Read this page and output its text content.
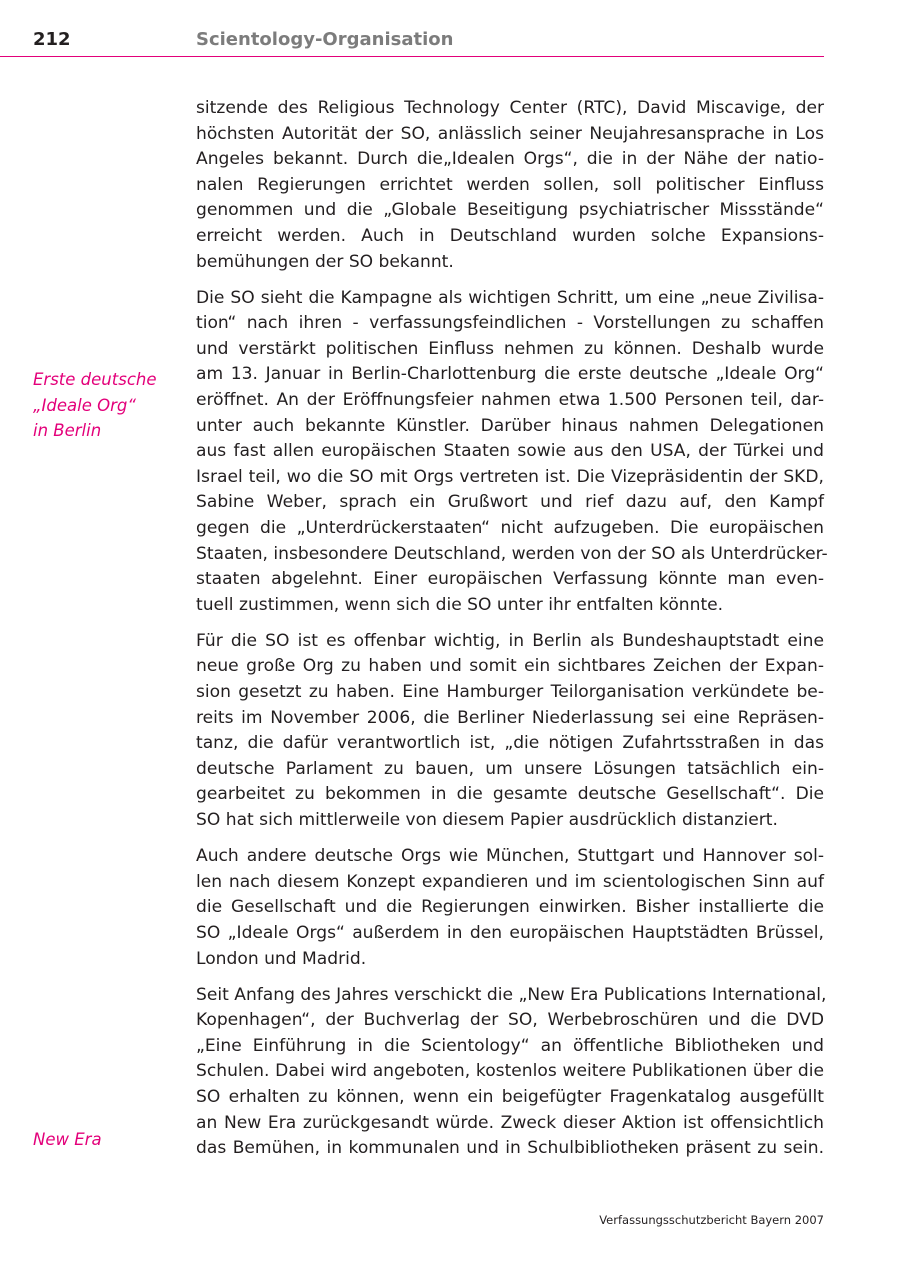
212	Scientology-Organisation
Erste deutsche
„Ideale Org“
in Berlin
New Era

sitzende des Religious Technology Center (RTC), David Miscavige, der
höchsten Autorität der SO, anlässlich seiner Neujahresansprache in Los
Angeles bekannt. Durch die„Idealen Orgs“, die in der Nähe der natio-
nalen Regierungen errichtet werden sollen, soll politischer Einfluss
genommen und die „Globale Beseitigung psychiatrischer Missstände“
erreicht werden. Auch in Deutschland wurden solche Expansions-
bemühungen der SO bekannt.

Die SO sieht die Kampagne als wichtigen Schritt, um eine „neue Zivilisa-
tion“ nach ihren - verfassungsfeindlichen - Vorstellungen zu schaffen
und verstärkt politischen Einfluss nehmen zu können. Deshalb wurde
am 13. Januar in Berlin-Charlottenburg die erste deutsche „Ideale Org“
eröffnet. An der Eröffnungsfeier nahmen etwa 1.500 Personen teil, dar-
unter auch bekannte Künstler. Darüber hinaus nahmen Delegationen
aus fast allen europäischen Staaten sowie aus den USA, der Türkei und
Israel teil, wo die SO mit Orgs vertreten ist. Die Vizepräsidentin der SKD,
Sabine Weber, sprach ein Grußwort und rief dazu auf, den Kampf
gegen die „Unterdrückerstaaten“ nicht aufzugeben. Die europäischen
Staaten, insbesondere Deutschland, werden von der SO als Unterdrücker-
staaten abgelehnt. Einer europäischen Verfassung könnte man even-
tuell zustimmen, wenn sich die SO unter ihr entfalten könnte.

Für die SO ist es offenbar wichtig, in Berlin als Bundeshauptstadt eine
neue große Org zu haben und somit ein sichtbares Zeichen der Expan-
sion gesetzt zu haben. Eine Hamburger Teilorganisation verkündete be-
reits im November 2006, die Berliner Niederlassung sei eine Repräsen-
tanz, die dafür verantwortlich ist, „die nötigen Zufahrtsstraßen in das
deutsche Parlament zu bauen, um unsere Lösungen tatsächlich ein-
gearbeitet zu bekommen in die gesamte deutsche Gesellschaft“. Die
SO hat sich mittlerweile von diesem Papier ausdrücklich distanziert.

Auch andere deutsche Orgs wie München, Stuttgart und Hannover sol-
len nach diesem Konzept expandieren und im scientologischen Sinn auf
die Gesellschaft und die Regierungen einwirken. Bisher installierte die
SO „Ideale Orgs“ außerdem in den europäischen Hauptstädten Brüssel,
London und Madrid.

Seit Anfang des Jahres verschickt die „New Era Publications International,
Kopenhagen“, der Buchverlag der SO, Werbebroschüren und die DVD
„Eine Einführung in die Scientology“ an öffentliche Bibliotheken und
Schulen. Dabei wird angeboten, kostenlos weitere Publikationen über die
SO erhalten zu können, wenn ein beigefügter Fragenkatalog ausgefüllt
an New Era zurückgesandt würde. Zweck dieser Aktion ist offensichtlich
das Bemühen, in kommunalen und in Schulbibliotheken präsent zu sein.

Verfassungsschutzbericht Bayern 2007
